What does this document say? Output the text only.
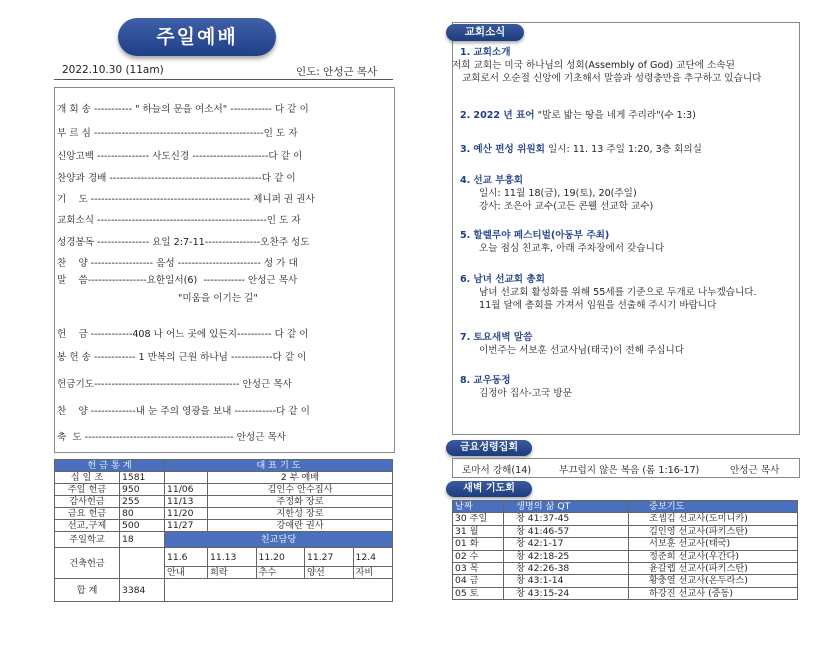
주일예배
2022.10.30 (11am)	인도: 안성근 목사
개 회 송 ----------- " 하늘의 문을 여소서" ------------ 다 같 이
부 르 심 -------------------------------------------------인 도 자
신앙고백 --------------- 사도신경 ----------------------다 같 이
찬양과 경배 --------------------------------------------다 같 이
기    도 ---------------------------------------------- 제니퍼 권 권사
교회소식 -------------------------------------------------인 도 자
성경봉독 --------------- 요일 2:7-11----------------오찬주 성도
찬    양 ------------------ 음성 ------------------------ 성 가 대
말    씀-----------------요한일서(6)  ------------ 안성근 목사
"미움을 이기는 길"
헌    금 ------------408 나 어느 곳에 있든지---------- 다 같 이
봉 헌 송 ------------ 1 만복의 근원 하나님 ------------다 같 이
헌금기도------------------------------------------ 안성근 목사
찬    양 -------------내 눈 주의 영광을 보내 ------------다 같 이
축  도 ------------------------------------------- 안성근 목사
헌 금 통 계		대 표 기 도				
십 일 조	1581		2 부 예배			
주일 헌금	950	11/06	김인수 안수집사			
감사헌금	255	11/13	주정화 장로			
금요 헌금	80	11/20	지한성 장로			
선교,구제	500	11/27	강애란 권사			
주일학교	18	친교담당				
건축헌금		11.6	11.13	11.20	11.27	12.4
		안내	희락	추수	양선	자비
합 계	3384					
교회소식
1. 교회소개
저희 교회는 미국 하나님의 성회(Assembly of God) 교단에 소속된
교회로서 오순절 신앙에 기초해서 말씀과 성령충만을 추구하고 있습니다
2. 2022 년 표어 "발로 밟는 땅을 네게 주리라"(수 1:3)
3. 예산 편성 위원회 일시: 11. 13 주일 1:20, 3층 회의실
4. 선교 부흥회
일시: 11월 18(금), 19(토), 20(주일)
강사: 조은아 교수(고든 콘웰 선교학 교수)
5. 할렐루야 페스티벌(아동부 주최)
오늘 점심 친교후, 아래 주차장에서 갖습니다
6. 남녀 선교회 총회
남녀 선교회 활성화를 위해 55세를 기준으로 두개로 나누겠습니다.
11월 달에 총회를 가져서 임원을 선출해 주시기 바랍니다
7. 토요새벽 말씀
이번주는 서보훈 선교사님(태국)이 전해 주십니다
8. 교우동정
김정아 집사-고국 방문
금요성령집회
로마서 강해(14)	부끄럽지 않은 복음 (롬 1:16-17)	안성근 목사
새벽 기도회
날짜	생명의 삶 QT	중보기도
30 주일	창 41:37-45	조셉김 선교사(도미니카)
31 월	창 41:46-57	김인영 선교사(파키스탄)
01 화	창 42:1-17	서보훈 선교사(태국)
02 수	창 42:18-25	정준희 선교사(우간다)
03 목	창 42:26-38	윤갈렙 선교사(파키스탄)
04 금	창 43:1-14	황충열 선교사(온두라스)
05 토	창 43:15-24	하강진 선교사 (중동)
